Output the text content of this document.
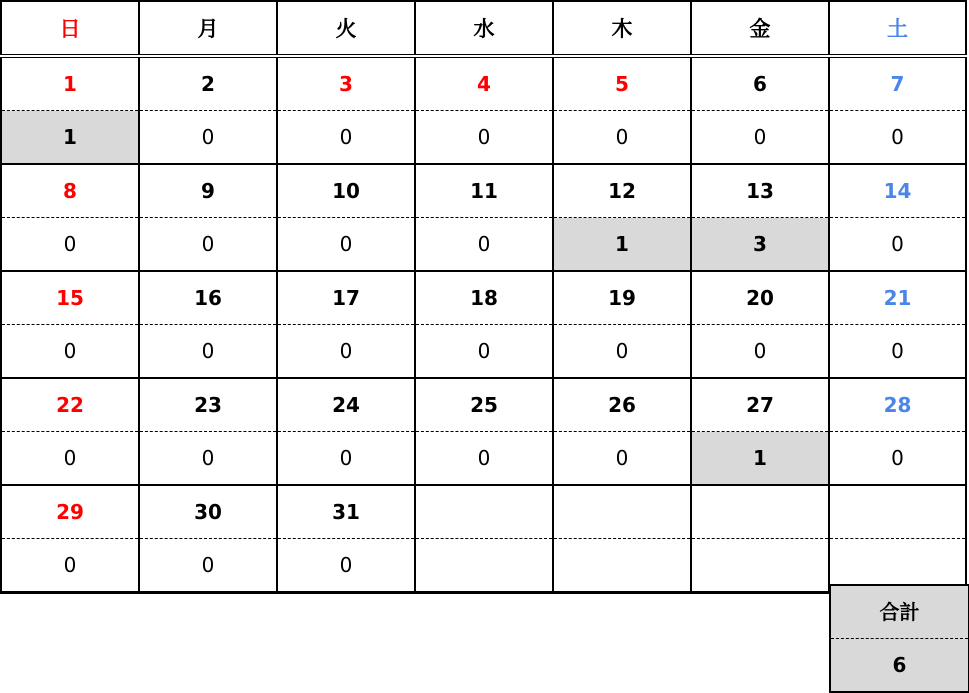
日	月	火	水	木	金	土
1	2	3	4	5	6	7
1	0	0	0	0	0	0
8	9	10	11	12	13	14
0	0	0	0	1	3	0
15	16	17	18	19	20	21
0	0	0	0	0	0	0
22	23	24	25	26	27	28
0	0	0	0	0	1	0
29	30	31				
0	0	0				
合計
6
